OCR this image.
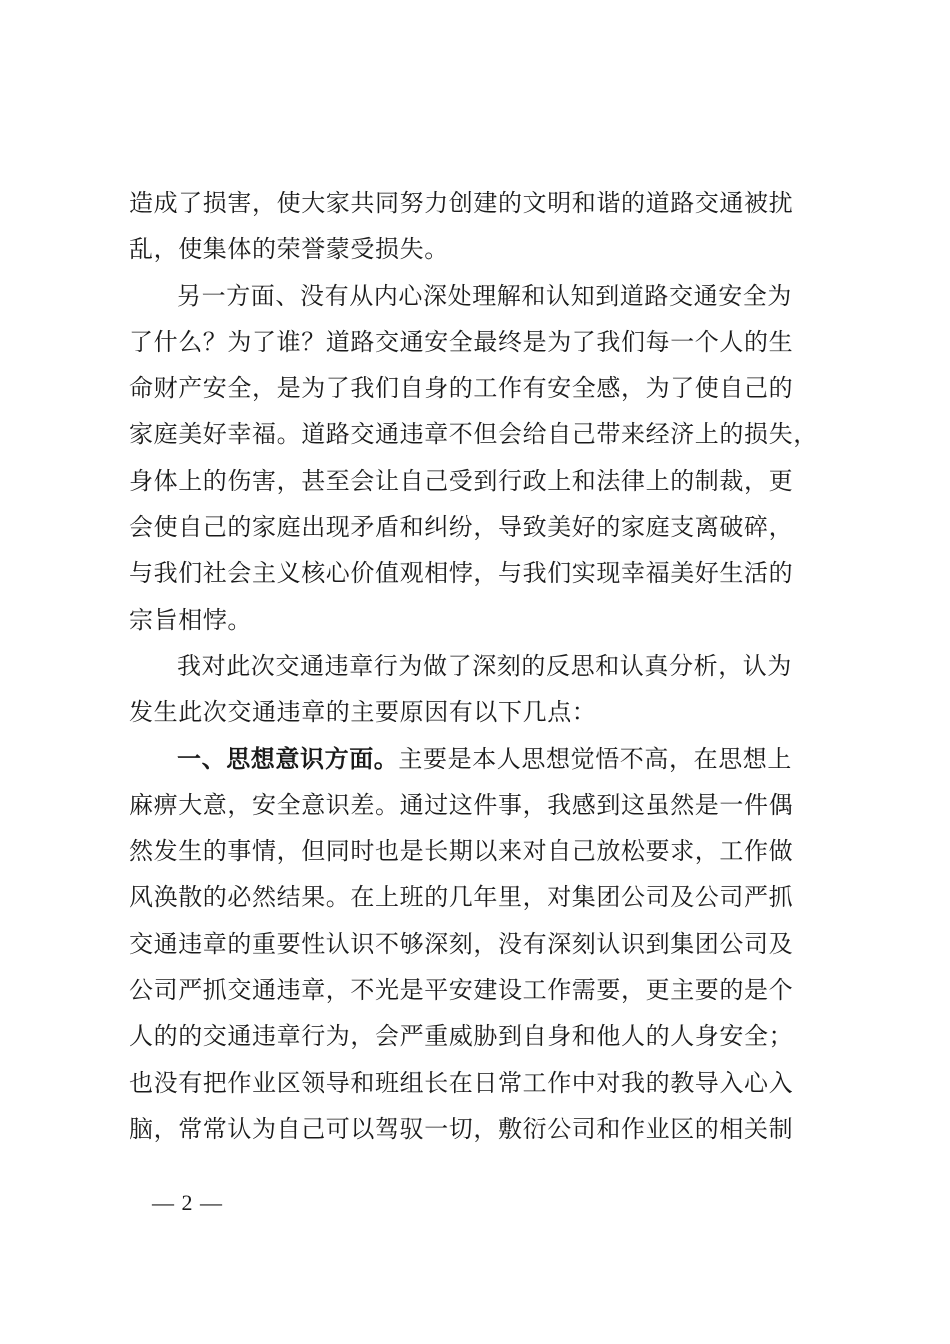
造成了损害，使大家共同努力创建的文明和谐的道路交通被扰
乱，使集体的荣誉蒙受损失。
另一方面、没有从内心深处理解和认知到道路交通安全为
了什么？为了谁？道路交通安全最终是为了我们每一个人的生
命财产安全，是为了我们自身的工作有安全感，为了使自己的
家庭美好幸福。道路交通违章不但会给自己带来经济上的损失，
身体上的伤害，甚至会让自己受到行政上和法律上的制裁，更
会使自己的家庭出现矛盾和纠纷，导致美好的家庭支离破碎，
与我们社会主义核心价值观相悖，与我们实现幸福美好生活的
宗旨相悖。
我对此次交通违章行为做了深刻的反思和认真分析，认为
发生此次交通违章的主要原因有以下几点：
一、思想意识方面。主要是本人思想觉悟不高，在思想上
麻痹大意，安全意识差。通过这件事，我感到这虽然是一件偶
然发生的事情，但同时也是长期以来对自己放松要求，工作做
风涣散的必然结果。在上班的几年里，对集团公司及公司严抓
交通违章的重要性认识不够深刻，没有深刻认识到集团公司及
公司严抓交通违章，不光是平安建设工作需要，更主要的是个
人的的交通违章行为，会严重威胁到自身和他人的人身安全；
也没有把作业区领导和班组长在日常工作中对我的教导入心入
脑，常常认为自己可以驾驭一切，敷衍公司和作业区的相关制
— 2 —
